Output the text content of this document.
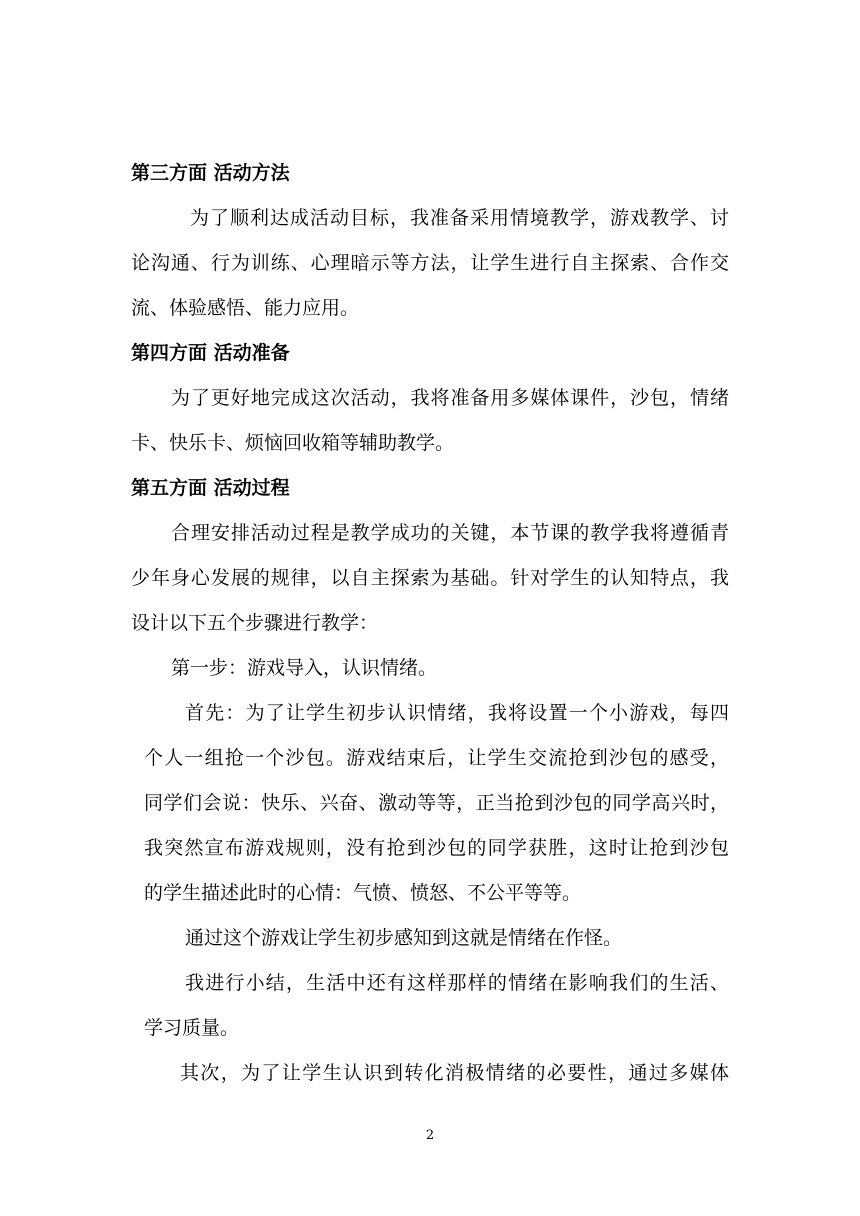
第三方面 活动方法
为了顺利达成活动目标，我准备采用情境教学，游戏教学、讨
论沟通、行为训练、心理暗示等方法，让学生进行自主探索、合作交
流、体验感悟、能力应用。
第四方面 活动准备
为了更好地完成这次活动，我将准备用多媒体课件，沙包，情绪
卡、快乐卡、烦恼回收箱等辅助教学。
第五方面 活动过程
合理安排活动过程是教学成功的关键，本节课的教学我将遵循青
少年身心发展的规律，以自主探索为基础。针对学生的认知特点，我
设计以下五个步骤进行教学：
第一步：游戏导入，认识情绪。
首先：为了让学生初步认识情绪，我将设置一个小游戏，每四
个人一组抢一个沙包。游戏结束后，让学生交流抢到沙包的感受，
同学们会说：快乐、兴奋、激动等等，正当抢到沙包的同学高兴时，
我突然宣布游戏规则，没有抢到沙包的同学获胜，这时让抢到沙包
的学生描述此时的心情：气愤、愤怒、不公平等等。
通过这个游戏让学生初步感知到这就是情绪在作怪。
我进行小结，生活中还有这样那样的情绪在影响我们的生活、
学习质量。
其次，为了让学生认识到转化消极情绪的必要性，通过多媒体
2
